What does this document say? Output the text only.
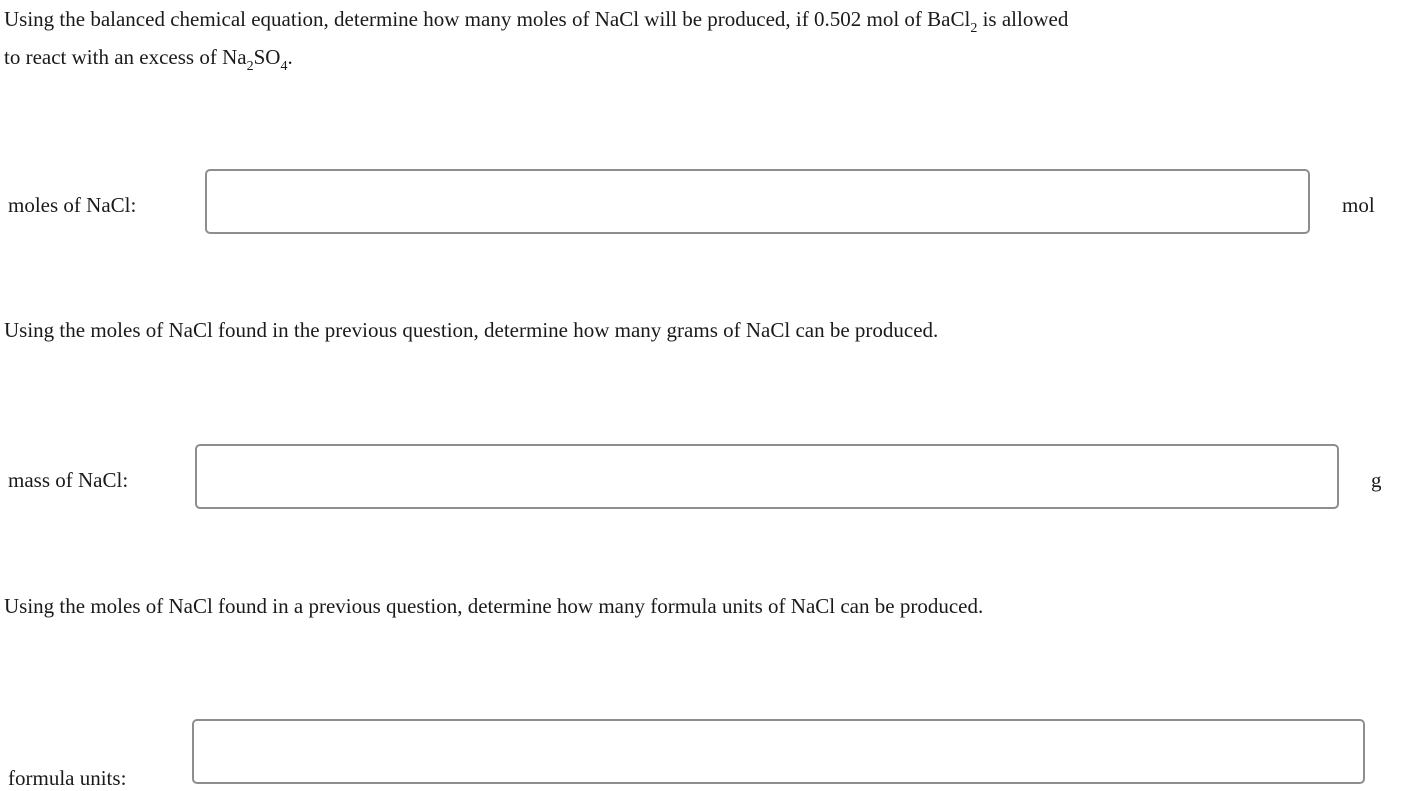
Using the balanced chemical equation, determine how many moles of NaCl will be produced, if 0.502 mol of BaCl$_2$ is allowed

to react with an excess of $Na_2SO_4$.

moles of NaCl:	mol

Using the moles of NaCl found in the previous question, determine how many grams of NaCl can be produced.

mass of NaCl:	g

Using the moles of NaCl found in a previous question, determine how many formula units of NaCl can be produced.

formula units:
